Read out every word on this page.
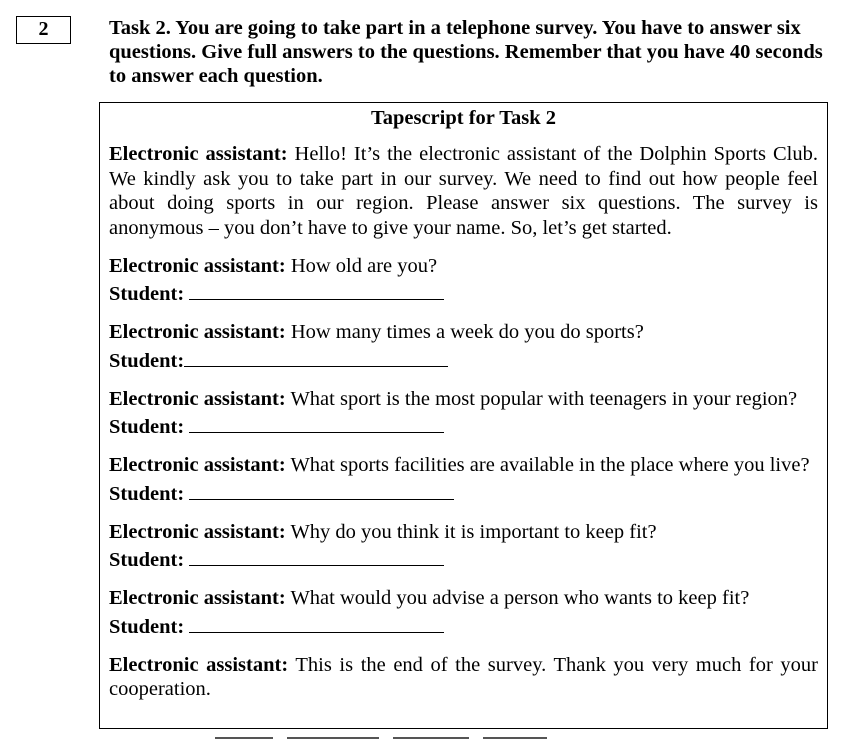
2	Task 2. You are going to take part in a telephone survey. You have to answer six questions. Give full answers to the questions. Remember that you have 40 seconds to answer each question.

Tapescript for Task 2
Electronic assistant: Hello! It’s the electronic assistant of the Dolphin Sports Club. We kindly ask you to take part in our survey. We need to find out how people feel about doing sports in our region. Please answer six questions. The survey is anonymous – you don’t have to give your name. So, let’s get started.
Electronic assistant: How old are you?
Student:
Electronic assistant: How many times a week do you do sports?
Student:
Electronic assistant: What sport is the most popular with teenagers in your region?
Student:
Electronic assistant: What sports facilities are available in the place where you live?
Student:
Electronic assistant: Why do you think it is important to keep fit?
Student:
Electronic assistant: What would you advise a person who wants to keep fit?
Student:
Electronic assistant: This is the end of the survey. Thank you very much for your cooperation.
